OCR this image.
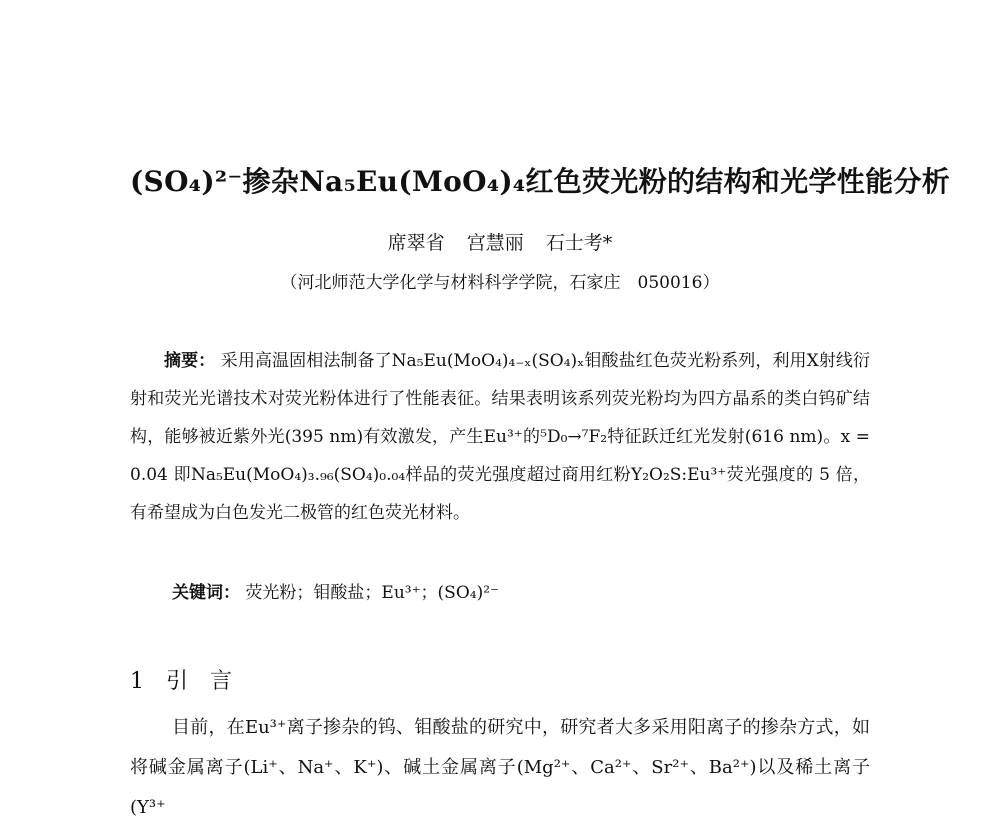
(SO₄)²⁻掺杂Na₅Eu(MoO₄)₄红色荧光粉的结构和光学性能分析
席翠省 宫慧丽 石士考*
（河北师范大学化学与材料科学学院，石家庄　050016）
摘要： 采用高温固相法制备了Na₅Eu(MoO₄)₄₋ₓ(SO₄)ₓ钼酸盐红色荧光粉系列，利用X射线衍射和荧光光谱技术对荧光粉体进行了性能表征。结果表明该系列荧光粉均为四方晶系的类白钨矿结构，能够被近紫外光(395 nm)有效激发，产生Eu³⁺的⁵D₀→⁷F₂特征跃迁红光发射(616 nm)。x = 0.04 即Na₅Eu(MoO₄)₃.₉₆(SO₄)₀.₀₄样品的荧光强度超过商用红粉Y₂O₂S:Eu³⁺荧光强度的 5 倍，有希望成为白色发光二极管的红色荧光材料。
关键词： 荧光粉；钼酸盐；Eu³⁺；(SO₄)²⁻
1 引　言
目前，在Eu³⁺离子掺杂的钨、钼酸盐的研究中，研究者大多采用阳离子的掺杂方式，如将碱金属离子(Li⁺、Na⁺、K⁺)、碱土金属离子(Mg²⁺、Ca²⁺、Sr²⁺、Ba²⁺)以及稀土离子(Y³⁺
